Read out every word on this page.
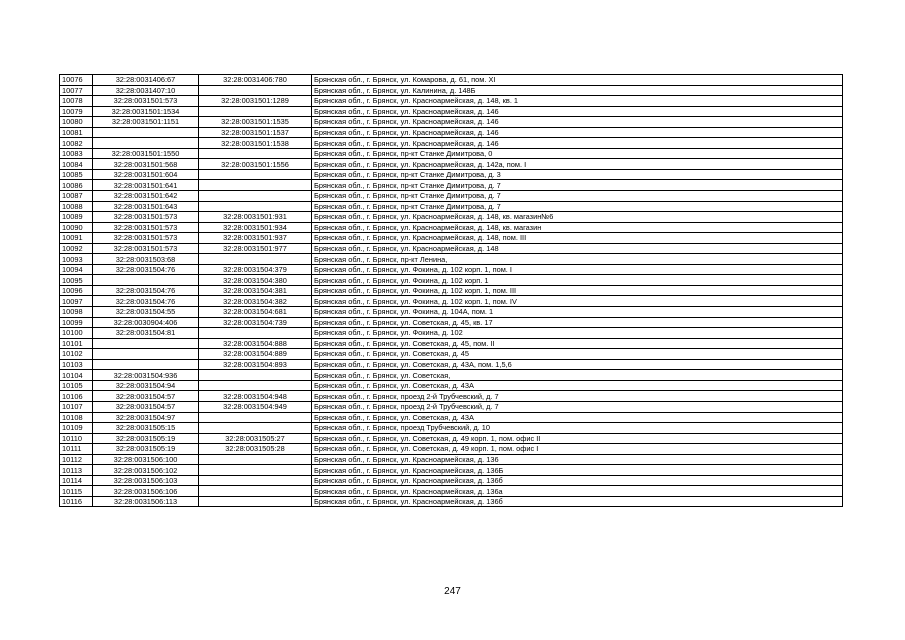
10076	32:28:0031406:67	32:28:0031406:780	Брянская обл., г. Брянск, ул. Комарова, д. 61, пом. XI
10077	32:28:0031407:10		Брянская обл., г. Брянск, ул. Калинина, д. 148Б
10078	32:28:0031501:573	32:28:0031501:1289	Брянская обл., г. Брянск, ул. Красноармейская, д. 148, кв. 1
10079	32:28:0031501:1534		Брянская обл., г. Брянск, ул. Красноармейская, д. 146
10080	32:28:0031501:1151	32:28:0031501:1535	Брянская обл., г. Брянск, ул. Красноармейская, д. 146
10081		32:28:0031501:1537	Брянская обл., г. Брянск, ул. Красноармейская, д. 146
10082		32:28:0031501:1538	Брянская обл., г. Брянск, ул. Красноармейская, д. 146
10083	32:28:0031501:1550		Брянская обл., г. Брянск, пр-кт Станке Димитрова, 0
10084	32:28:0031501:568	32:28:0031501:1556	Брянская обл., г. Брянск, ул. Красноармейская, д. 142а, пом. I
10085	32:28:0031501:604		Брянская обл., г. Брянск, пр-кт Станке Димитрова, д. 3
10086	32:28:0031501:641		Брянская обл., г. Брянск, пр-кт Станке Димитрова, д. 7
10087	32:28:0031501:642		Брянская обл., г. Брянск, пр-кт Станке Димитрова, д. 7
10088	32:28:0031501:643		Брянская обл., г. Брянск, пр-кт Станке Димитрова, д. 7
10089	32:28:0031501:573	32:28:0031501:931	Брянская обл., г. Брянск, ул. Красноармейская, д. 148, кв. магазин№6
10090	32:28:0031501:573	32:28:0031501:934	Брянская обл., г. Брянск, ул. Красноармейская, д. 148, кв. магазин
10091	32:28:0031501:573	32:28:0031501:937	Брянская обл., г. Брянск, ул. Красноармейская, д. 148, пом. III
10092	32:28:0031501:573	32:28:0031501:977	Брянская обл., г. Брянск, ул. Красноармейская, д. 148
10093	32:28:0031503:68		Брянская обл., г. Брянск, пр-кт Ленина,
10094	32:28:0031504:76	32:28:0031504:379	Брянская обл., г. Брянск, ул. Фокина, д. 102 корп. 1, пом. I
10095		32:28:0031504:380	Брянская обл., г. Брянск, ул. Фокина, д. 102 корп. 1
10096	32:28:0031504:76	32:28:0031504:381	Брянская обл., г. Брянск, ул. Фокина, д. 102 корп. 1, пом. III
10097	32:28:0031504:76	32:28:0031504:382	Брянская обл., г. Брянск, ул. Фокина, д. 102 корп. 1, пом. IV
10098	32:28:0031504:55	32:28:0031504:681	Брянская обл., г. Брянск, ул. Фокина, д. 104А, пом. 1
10099	32:28:0030904:406	32:28:0031504:739	Брянская обл., г. Брянск, ул. Советская, д. 45, кв. 17
10100	32:28:0031504:81		Брянская обл., г. Брянск, ул. Фокина, д. 102
10101		32:28:0031504:888	Брянская обл., г. Брянск, ул. Советская, д. 45, пом. II
10102		32:28:0031504:889	Брянская обл., г. Брянск, ул. Советская, д. 45
10103		32:28:0031504:893	Брянская обл., г. Брянск, ул. Советская, д. 43А, пом. 1,5,6
10104	32:28:0031504:936		Брянская обл., г. Брянск, ул. Советская,
10105	32:28:0031504:94		Брянская обл., г. Брянск, ул. Советская, д. 43А
10106	32:28:0031504:57	32:28:0031504:948	Брянская обл., г. Брянск, проезд 2-й Трубчевский, д. 7
10107	32:28:0031504:57	32:28:0031504:949	Брянская обл., г. Брянск, проезд 2-й Трубчевский, д. 7
10108	32:28:0031504:97		Брянская обл., г. Брянск, ул. Советская, д. 43А
10109	32:28:0031505:15		Брянская обл., г. Брянск, проезд Трубчевский, д. 10
10110	32:28:0031505:19	32:28:0031505:27	Брянская обл., г. Брянск, ул. Советская, д. 49 корп. 1, пом. офис II
10111	32:28:0031505:19	32:28:0031505:28	Брянская обл., г. Брянск, ул. Советская, д. 49 корп. 1, пом. офис I
10112	32:28:0031506:100		Брянская обл., г. Брянск, ул. Красноармейская, д. 136
10113	32:28:0031506:102		Брянская обл., г. Брянск, ул. Красноармейская, д. 136Б
10114	32:28:0031506:103		Брянская обл., г. Брянск, ул. Красноармейская, д. 136б
10115	32:28:0031506:106		Брянская обл., г. Брянск, ул. Красноармейская, д. 136а
10116	32:28:0031506:113		Брянская обл., г. Брянск, ул. Красноармейская, д. 136б
247
